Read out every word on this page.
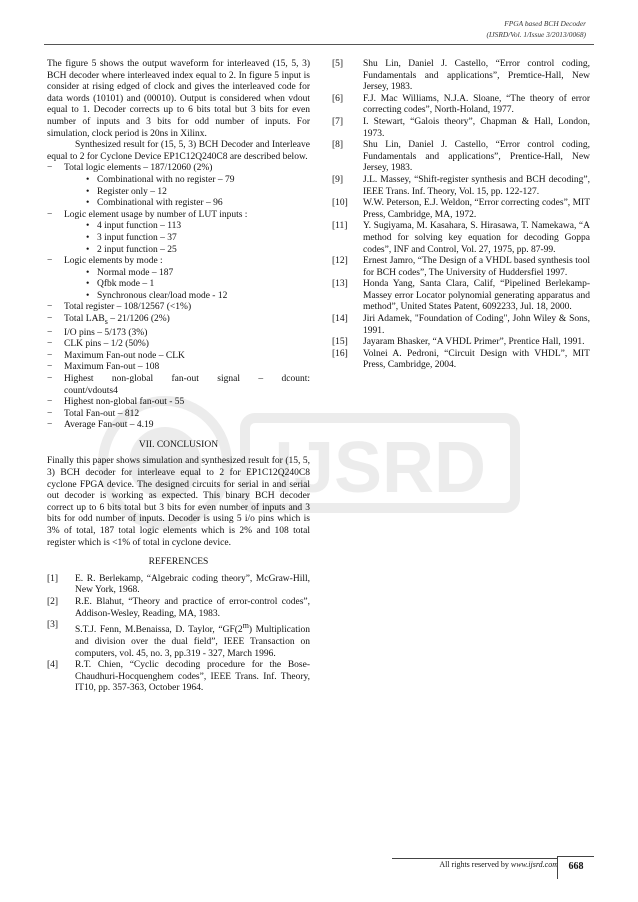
FPGA based BCH Decoder
(IJSRD/Vol. 1/Issue 3/2013/0068)
IJSRD

The figure 5 shows the output waveform for interleaved (15, 5, 3) BCH decoder where interleaved index equal to 2. In figure 5 input is consider at rising edged of clock and gives the interleaved code for data words (10101) and (00010). Output is considered when vdout equal to 1. Decoder corrects up to 6 bits total but 3 bits for even number of inputs and 3 bits for odd number of inputs. For simulation, clock period is 20ns in Xilinx.

Synthesized result for (15, 5, 3) BCH Decoder and Interleave equal to 2 for Cyclone Device EP1C12Q240C8 are described below.

− Total logic elements – 187/12060 (2%)
• Combinational with no register – 79
• Register only – 12
• Combinational with register – 96
− Logic element usage by number of LUT inputs :
• 4 input function – 113
• 3 input function – 37
• 2 input function – 25
− Logic elements by mode :
• Normal mode – 187
• Qfbk mode – 1
• Synchronous clear/load mode - 12
− Total register – 108/12567 (<1%)
− Total $LAB_s - 21/1206$ (2%)
− I/O pins – 5/173 (3%)
− CLK pins – 1/2 (50%)
− Maximum Fan-out node – CLK
− Maximum Fan-out – 108
− Highest non-global fan-out signal – dcount:
count/vdouts4
− Highest non-global fan-out - 55
− Total Fan-out – 812
− Average Fan-out – 4.19
VII. CONCLUSION

Finally this paper shows simulation and synthesized result for (15, 5, 3) BCH decoder for interleave equal to 2 for EP1C12Q240C8 cyclone FPGA device. The designed circuits for serial in and serial out decoder is working as expected. This binary BCH decoder correct up to 6 bits total but 3 bits for even number of inputs and 3 bits for odd number of inputs. Decoder is using 5 i/o pins which is 3% of total, 187 total logic elements which is 2% and 108 total register which is <1% of total in cyclone device.

REFERENCES
[1] E. R. Berlekamp, “Algebraic coding theory”, McGraw-Hill, New York, 1968.
[2] R.E. Blahut, “Theory and practice of error-control codes”, Addison-Wesley, Reading, MA, 1983.
[3]
S.T.J. Fenn, M.Benaissa, D. Taylor, “GF(2$^m$) Multiplication and division over the dual field”, IEEE Transaction on computers, vol. 45, no. 3, pp.319 - 327, March 1996.
[4] R.T. Chien, “Cyclic decoding procedure for the Bose-Chaudhuri-Hocquenghem codes”, IEEE Trans. Inf. Theory, IT10, pp. 357-363, October 1964.
[5] Shu Lin, Daniel J. Castello, “Error control coding, Fundamentals and applications”, Premtice-Hall, New Jersey, 1983.
[6] F.J. Mac Williams, N.J.A. Sloane, “The theory of error correcting codes”, North-Holand, 1977.
[7] I. Stewart, “Galois theory”, Chapman & Hall, London, 1973.
[8] Shu Lin, Daniel J. Castello, “Error control coding, Fundamentals and applications”, Prentice-Hall, New Jersey, 1983.
[9] J.L. Massey, “Shift-register synthesis and BCH decoding”, IEEE Trans. Inf. Theory, Vol. 15, pp. 122-127.
[10] W.W. Peterson, E.J. Weldon, “Error correcting codes”, MIT Press, Cambridge, MA, 1972.
[11] Y. Sugiyama, M. Kasahara, S. Hirasawa, T. Namekawa, “A method for solving key equation for decoding Goppa codes”, INF and Control, Vol. 27, 1975, pp. 87-99.
[12] Ernest Jamro, “The Design of a VHDL based synthesis tool for BCH codes”, The University of Huddersfiel 1997.
[13] Honda Yang, Santa Clara, Calif, “Pipelined Berlekamp-Massey error Locator polynomial generating apparatus and method”, United States Patent, 6092233, Jul. 18, 2000.
[14] Jiri Adamek, "Foundation of Coding", John Wiley & Sons, 1991.
[15] Jayaram Bhasker, “A VHDL Primer”, Prentice Hall, 1991.
[16] Volnei A. Pedroni, “Circuit Design with VHDL”, MIT Press, Cambridge, 2004.
All rights reserved by www.ijsrd.com	668
